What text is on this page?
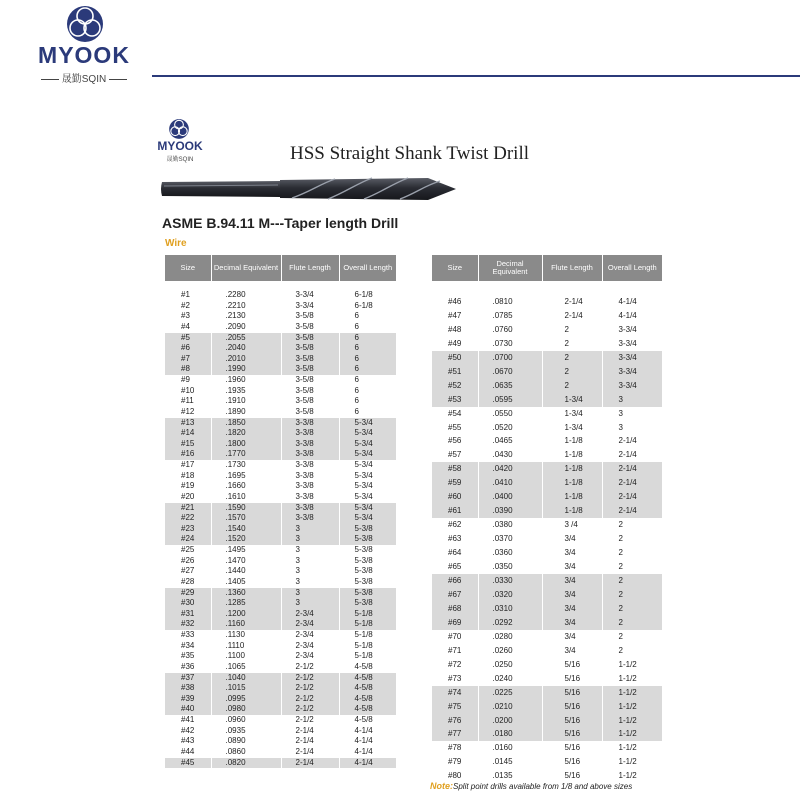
MYOOK
晟勤SQIN
MYOOK
晟勤SQIN	HSS Straight Shank Twist Drill
ASME B.94.11 M---Taper length Drill
Wire
Size	Decimal Equivalent	Flute Length	Overall Length

#1	.2280	3-3/4	6-1/8
#2	.2210	3-3/4	6-1/8
#3	.2130	3-5/8	6
#4	.2090	3-5/8	6
#5	.2055	3-5/8	6
#6	.2040	3-5/8	6
#7	.2010	3-5/8	6
#8	.1990	3-5/8	6
#9	.1960	3-5/8	6
#10	.1935	3-5/8	6
#11	.1910	3-5/8	6
#12	.1890	3-5/8	6
#13	.1850	3-3/8	5-3/4
#14	.1820	3-3/8	5-3/4
#15	.1800	3-3/8	5-3/4
#16	.1770	3-3/8	5-3/4
#17	.1730	3-3/8	5-3/4
#18	.1695	3-3/8	5-3/4
#19	.1660	3-3/8	5-3/4
#20	.1610	3-3/8	5-3/4
#21	.1590	3-3/8	5-3/4
#22	.1570	3-3/8	5-3/4
#23	.1540	3	5-3/8
#24	.1520	3	5-3/8
#25	.1495	3	5-3/8
#26	.1470	3	5-3/8
#27	.1440	3	5-3/8
#28	.1405	3	5-3/8
#29	.1360	3	5-3/8
#30	.1285	3	5-3/8
#31	.1200	2-3/4	5-1/8
#32	.1160	2-3/4	5-1/8
#33	.1130	2-3/4	5-1/8
#34	.1110	2-3/4	5-1/8
#35	.1100	2-3/4	5-1/8
#36	.1065	2-1/2	4-5/8
#37	.1040	2-1/2	4-5/8
#38	.1015	2-1/2	4-5/8
#39	.0995	2-1/2	4-5/8
#40	.0980	2-1/2	4-5/8
#41	.0960	2-1/2	4-5/8
#42	.0935	2-1/4	4-1/4
#43	.0890	2-1/4	4-1/4
#44	.0860	2-1/4	4-1/4
#45	.0820	2-1/4	4-1/4
Size	Decimal Equivalent	Flute Length	Overall Length

#46	.0810	2-1/4	4-1/4
#47	.0785	2-1/4	4-1/4
#48	.0760	2	3-3/4
#49	.0730	2	3-3/4
#50	.0700	2	3-3/4
#51	.0670	2	3-3/4
#52	.0635	2	3-3/4
#53	.0595	1-3/4	3
#54	.0550	1-3/4	3
#55	.0520	1-3/4	3
#56	.0465	1-1/8	2-1/4
#57	.0430	1-1/8	2-1/4
#58	.0420	1-1/8	2-1/4
#59	.0410	1-1/8	2-1/4
#60	.0400	1-1/8	2-1/4
#61	.0390	1-1/8	2-1/4
#62	.0380	3 /4	2
#63	.0370	3/4	2
#64	.0360	3/4	2
#65	.0350	3/4	2
#66	.0330	3/4	2
#67	.0320	3/4	2
#68	.0310	3/4	2
#69	.0292	3/4	2
#70	.0280	3/4	2
#71	.0260	3/4	2
#72	.0250	5/16	1-1/2
#73	.0240	5/16	1-1/2
#74	.0225	5/16	1-1/2
#75	.0210	5/16	1-1/2
#76	.0200	5/16	1-1/2
#77	.0180	5/16	1-1/2
#78	.0160	5/16	1-1/2
#79	.0145	5/16	1-1/2
#80	.0135	5/16	1-1/2
Note:Split point drills available from 1/8 and above sizes
